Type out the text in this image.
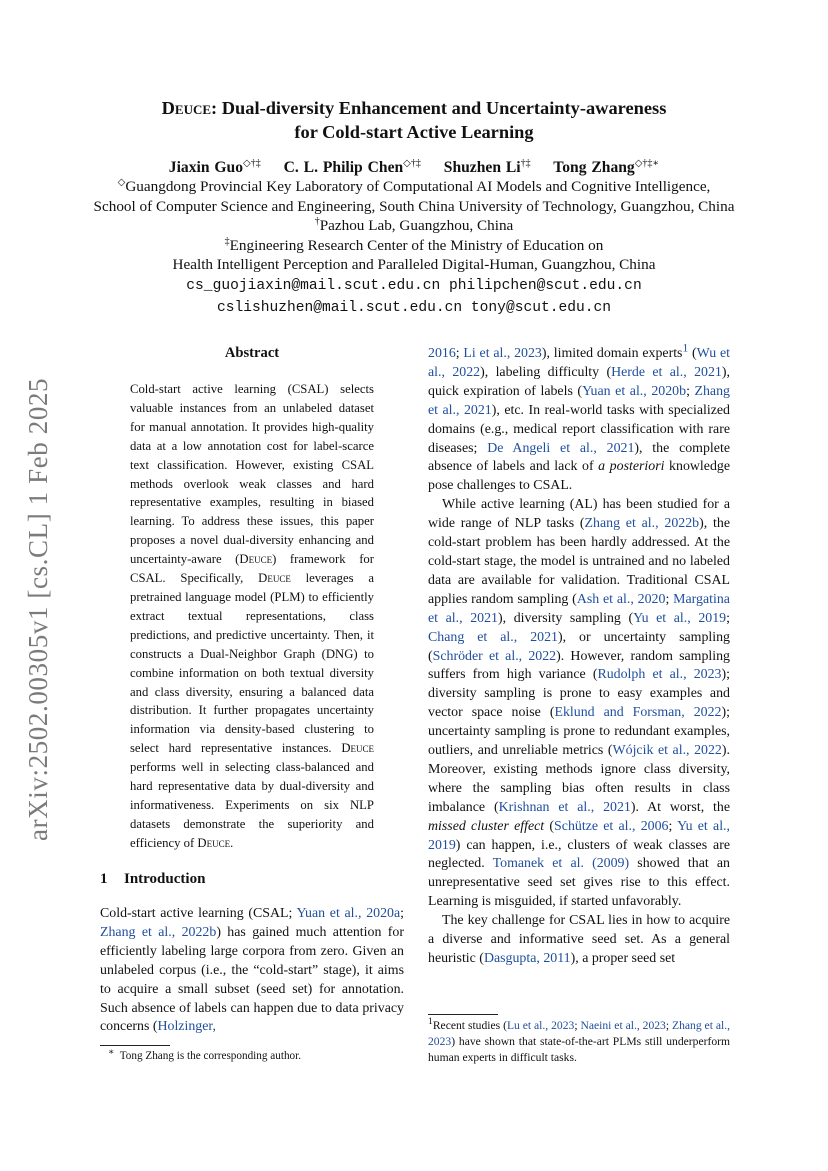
arXiv:2502.00305v1 [cs.CL] 1 Feb 2025
Deuce: Dual-diversity Enhancement and Uncertainty-awareness
for Cold-start Active Learning
Jiaxin Guo◇†‡ C. L. Philip Chen◇†‡ Shuzhen Li†‡ Tong Zhang◇†‡∗
◇Guangdong Provincial Key Laboratory of Computational AI Models and Cognitive Intelligence,
School of Computer Science and Engineering, South China University of Technology, Guangzhou, China
†Pazhou Lab, Guangzhou, China
‡Engineering Research Center of the Ministry of Education on
Health Intelligent Perception and Paralleled Digital-Human, Guangzhou, China
cs_guojiaxin@mail.scut.edu.cn philipchen@scut.edu.cn
cslishuzhen@mail.scut.edu.cn tony@scut.edu.cn
Abstract
Cold-start active learning (CSAL) selects valuable instances from an unlabeled dataset for manual annotation. It provides high-quality data at a low annotation cost for label-scarce text classification. However, existing CSAL methods overlook weak classes and hard representative examples, resulting in biased learning. To address these issues, this paper proposes a novel dual-diversity enhancing and uncertainty-aware (Deuce) framework for CSAL. Specifically, Deuce leverages a pretrained language model (PLM) to efficiently extract textual representations, class predictions, and predictive uncertainty. Then, it constructs a Dual-Neighbor Graph (DNG) to combine information on both textual diversity and class diversity, ensuring a balanced data distribution. It further propagates uncertainty information via density-based clustering to select hard representative instances. Deuce performs well in selecting class-balanced and hard representative data by dual-diversity and informativeness. Experiments on six NLP datasets demonstrate the superiority and efficiency of Deuce.
1 Introduction
Cold-start active learning (CSAL; Yuan et al., 2020a; Zhang et al., 2022b) has gained much attention for efficiently labeling large corpora from zero. Given an unlabeled corpus (i.e., the “cold-start” stage), it aims to acquire a small subset (seed set) for annotation. Such absence of labels can happen due to data privacy concerns (Holzinger,
∗ Tong Zhang is the corresponding author.

2016; Li et al., 2023), limited domain experts$^1$ (Wu et al., 2022), labeling difficulty (Herde et al., 2021), quick expiration of labels (Yuan et al., 2020b; Zhang et al., 2021), etc. In real-world tasks with specialized domains (e.g., medical report classification with rare diseases; De Angeli et al., 2021), the complete absence of labels and lack of a posteriori knowledge pose challenges to CSAL.

While active learning (AL) has been studied for a wide range of NLP tasks (Zhang et al., 2022b), the cold-start problem has been hardly addressed. At the cold-start stage, the model is untrained and no labeled data are available for validation. Traditional CSAL applies random sampling (Ash et al., 2020; Margatina et al., 2021), diversity sampling (Yu et al., 2019; Chang et al., 2021), or uncertainty sampling (Schröder et al., 2022). However, random sampling suffers from high variance (Rudolph et al., 2023); diversity sampling is prone to easy examples and vector space noise (Eklund and Forsman, 2022); uncertainty sampling is prone to redundant examples, outliers, and unreliable metrics (Wójcik et al., 2022). Moreover, existing methods ignore class diversity, where the sampling bias often results in class imbalance (Krishnan et al., 2021). At worst, the missed cluster effect (Schütze et al., 2006; Yu et al., 2019) can happen, i.e., clusters of weak classes are neglected. Tomanek et al. (2009) showed that an unrepresentative seed set gives rise to this effect. Learning is misguided, if started unfavorably.

The key challenge for CSAL lies in how to acquire a diverse and informative seed set. As a general heuristic (Dasgupta, 2011), a proper seed set

$^1$Recent studies (Lu et al., 2023; Naeini et al., 2023; Zhang et al., 2023) have shown that state-of-the-art PLMs still underperform human experts in difficult tasks.
